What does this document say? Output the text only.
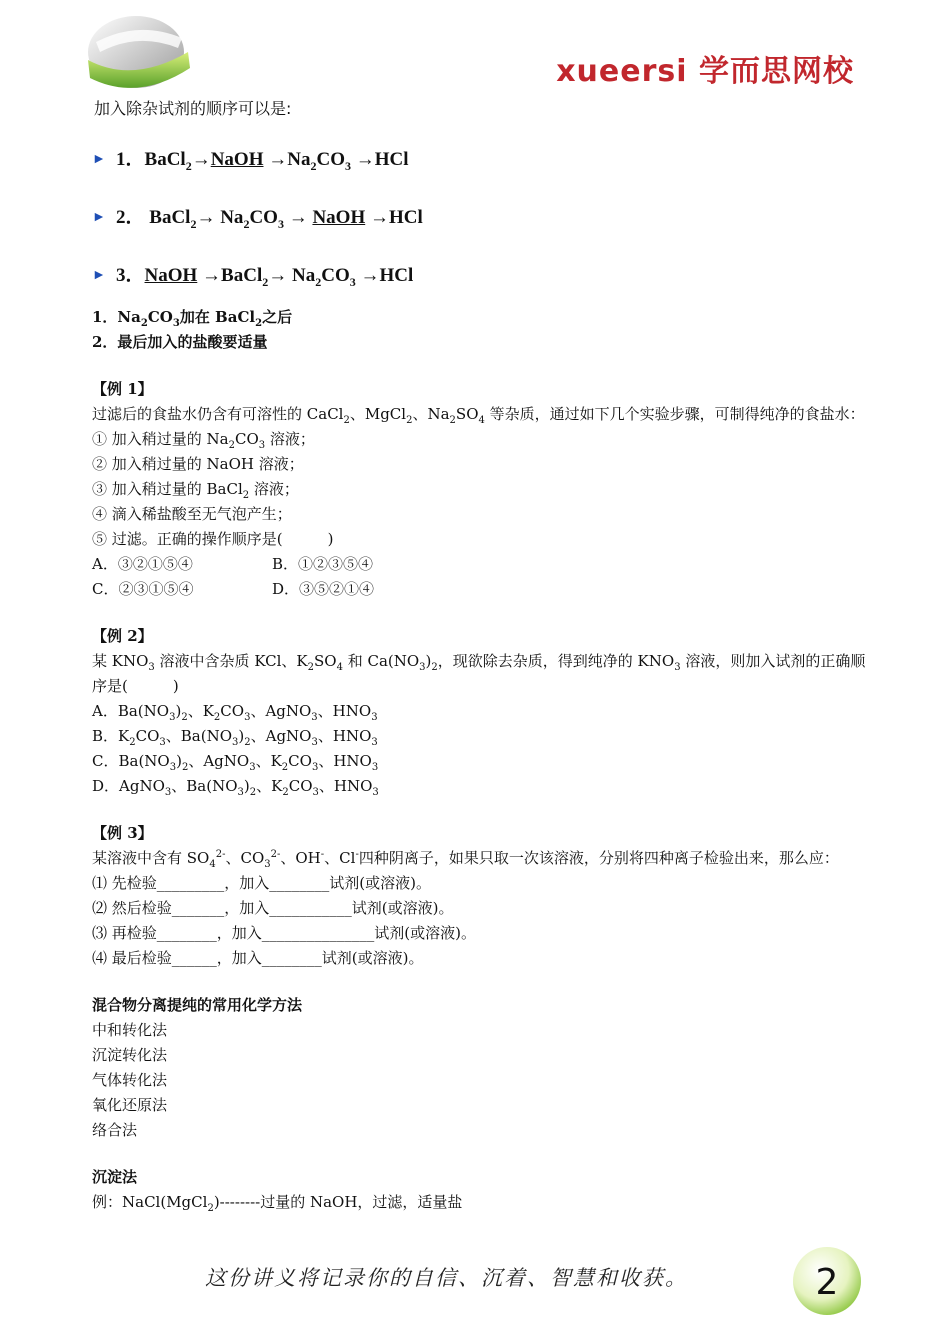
xueersi 学而思网校
加入除杂试剂的顺序可以是:
► 1． BaCl$_2$→NaOH $\to Na_2CO_3 \to HCl$
► 2． BaCl$_2$→ $Na_2CO_3$ → NaOH →HCl
► 3． NaOH →BaCl$_2$→ $Na_2CO_3 \to HCl$
1．$Na_2CO_3$加在 BaCl$_2$之后
2．最后加入的盐酸要适量
【例 1】

过滤后的食盐水仍含有可溶性的 CaCl$_2$、MgCl$_2$、$Na_2SO_4$ 等杂质，通过如下几个实验步骤，可制得纯净的食盐水：

① 加入稍过量的 $Na_2CO_3$ 溶液；
② 加入稍过量的 NaOH 溶液；
③ 加入稍过量的 BaCl$_2$ 溶液；
④ 滴入稀盐酸至无气泡产生；
⑤ 过滤。正确的操作顺序是(　　　)
A．③②①⑤④	B．①②③⑤④
C．②③①⑤④	D．③⑤②①④
【例 2】

某 $KNO_3$ 溶液中含杂质 KCl、$K_2SO_4$ 和 $Ca(NO_3)_2$，现欲除去杂质，得到纯净的 $KNO_3$ 溶液，则加入试剂的正确顺序是(　　　)

A．$Ba(NO_3)_2$、$K_2CO_3$、AgNO$_3$、$HNO_3$
B．$K_2CO_3$、$Ba(NO_3)_2$、AgNO$_3$、$HNO_3$
C．$Ba(NO_3)_2$、AgNO$_3$、$K_2CO_3$、$HNO_3$
D．AgNO$_3$、$Ba(NO_3)_2$、$K_2CO_3$、$HNO_3$
【例 3】
某溶液中含有 $SO_4^{2-}$、$CO_3^{2-}$、OH-、Cl-四种阴离子，如果只取一次该溶液，分别将四种离子检验出来，那么应：
⑴ 先检验_________，加入________试剂(或溶液)。
⑵ 然后检验_______，加入___________试剂(或溶液)。
⑶ 再检验________，加入_______________试剂(或溶液)。
⑷ 最后检验______，加入________试剂(或溶液)。
混合物分离提纯的常用化学方法
中和转化法
沉淀转化法
气体转化法
氧化还原法
络合法
沉淀法
例：NaCl(MgCl$_2$)--------过量的 NaOH，过滤，适量盐
这份讲义将记录你的自信、沉着、智慧和收获。	2
